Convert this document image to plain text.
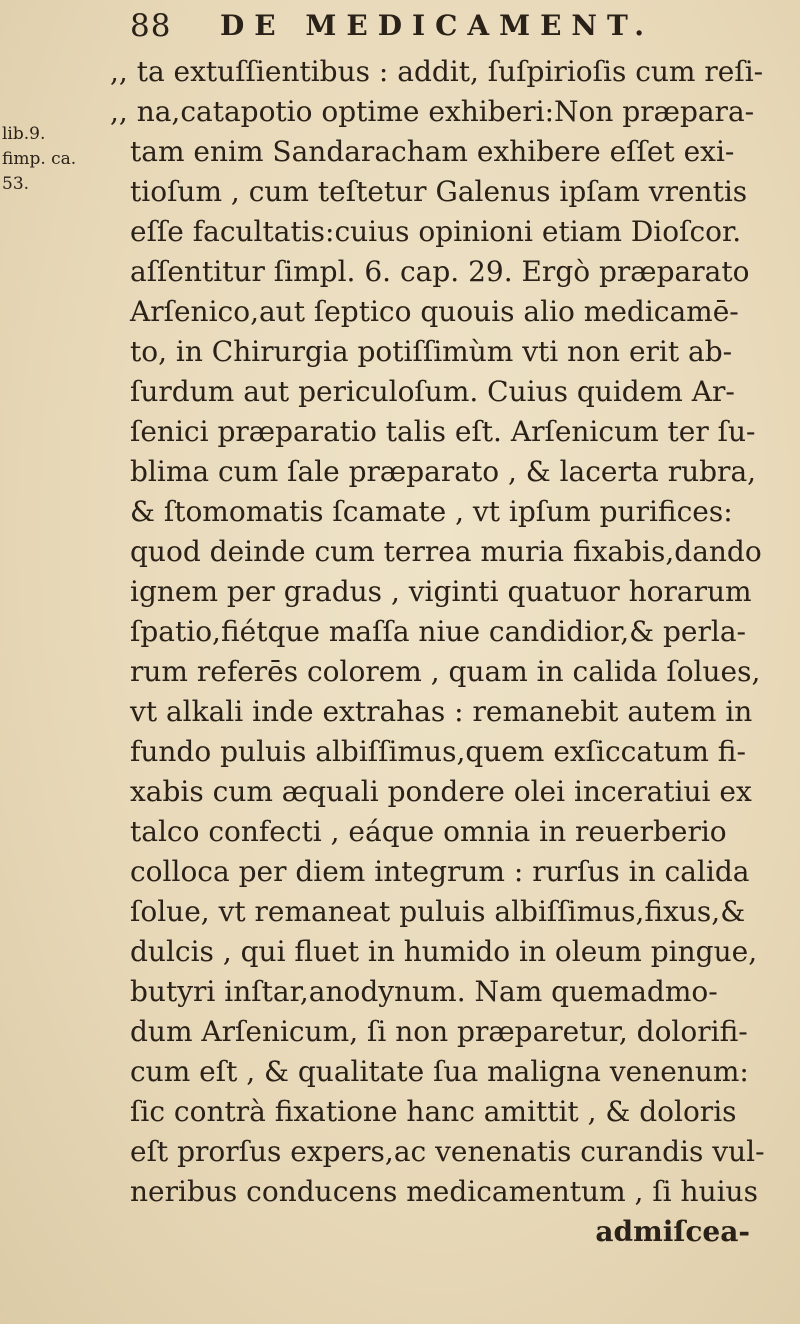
88 DE MEDICAMENT.
lib.9.
fimp. ca.
53.
,, ta extuſſientibus : addit, ſuſpirioſis cum reſi-
,, na,catapotio optime exhiberi:Non præpara-
tam enim Sandaracham exhibere eſſet exi-
tioſum , cum teſtetur Galenus ipſam vrentis
eſſe facultatis:cuius opinioni etiam Dioſcor.
aſſentitur ſimpl. 6. cap. 29. Ergò præparato
Arſenico,aut ſeptico quouis alio medicamē-
to, in Chirurgia potiſſimùm vti non erit ab-
ſurdum aut periculoſum. Cuius quidem Ar-
ſenici præparatio talis eſt. Arſenicum ter ſu-
blima cum ſale præparato , & lacerta rubra,
& ſtomomatis ſcamate , vt ipſum purifices:
quod deinde cum terrea muria fixabis,dando
ignem per gradus , viginti quatuor horarum
ſpatio,fiétque maſſa niue candidior,& perla-
rum referēs colorem , quam in calida ſolues,
vt alkali inde extrahas : remanebit autem in
fundo puluis albiſſimus,quem exſiccatum fi-
xabis cum æquali pondere olei inceratiui ex
talco confecti , eáque omnia in reuerberio
colloca per diem integrum : rurſus in calida
ſolue, vt remaneat puluis albiſſimus,fixus,&
dulcis , qui fluet in humido in oleum pingue,
butyri inſtar,anodynum. Nam quemadmo-
dum Arſenicum, ſi non præparetur, dolorifi-
cum eſt , & qualitate ſua maligna venenum:
ſic contrà fixatione hanc amittit , & doloris
eſt prorſus expers,ac venenatis curandis vul-
neribus conducens medicamentum , ſi huius
admiſcea-
